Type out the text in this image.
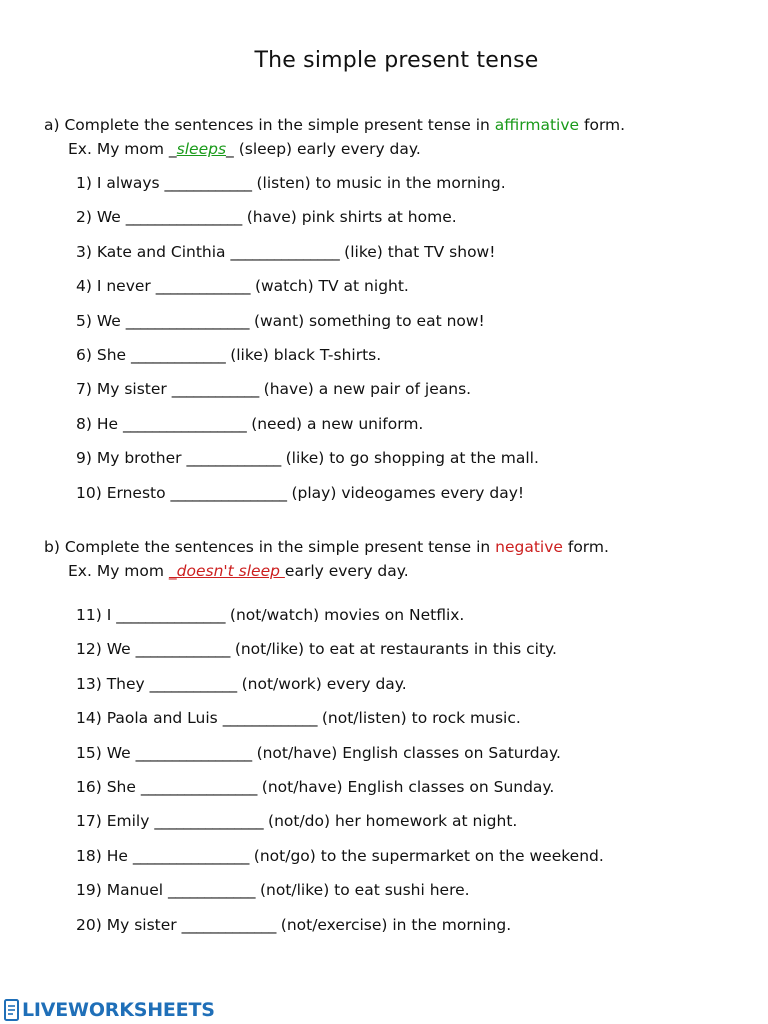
The simple present tense
a) Complete the sentences in the simple present tense in affirmative form.
Ex. My mom _sleeps_ (sleep) early every day.
1) I always ____________ (listen) to music in the morning.
2) We ________________ (have) pink shirts at home.
3) Kate and Cinthia _______________ (like) that TV show!
4) I never _____________ (watch) TV at night.
5) We _________________ (want) something to eat now!
6) She _____________ (like) black T-shirts.
7) My sister ____________ (have) a new pair of jeans.
8) He _________________ (need) a new uniform.
9) My brother _____________ (like) to go shopping at the mall.
10) Ernesto ________________ (play) videogames every day!
b) Complete the sentences in the simple present tense in negative form.
Ex. My mom _doesn't sleep early every day.
11) I _______________ (not/watch) movies on Netflix.
12) We _____________ (not/like) to eat at restaurants in this city.
13) They ____________ (not/work) every day.
14) Paola and Luis _____________ (not/listen) to rock music.
15) We ________________ (not/have) English classes on Saturday.
16) She ________________ (not/have) English classes on Sunday.
17) Emily _______________ (not/do) her homework at night.
18) He ________________ (not/go) to the supermarket on the weekend.
19) Manuel ____________ (not/like) to eat sushi here.
20) My sister _____________ (not/exercise) in the morning.
LIVEWORKSHEETS
